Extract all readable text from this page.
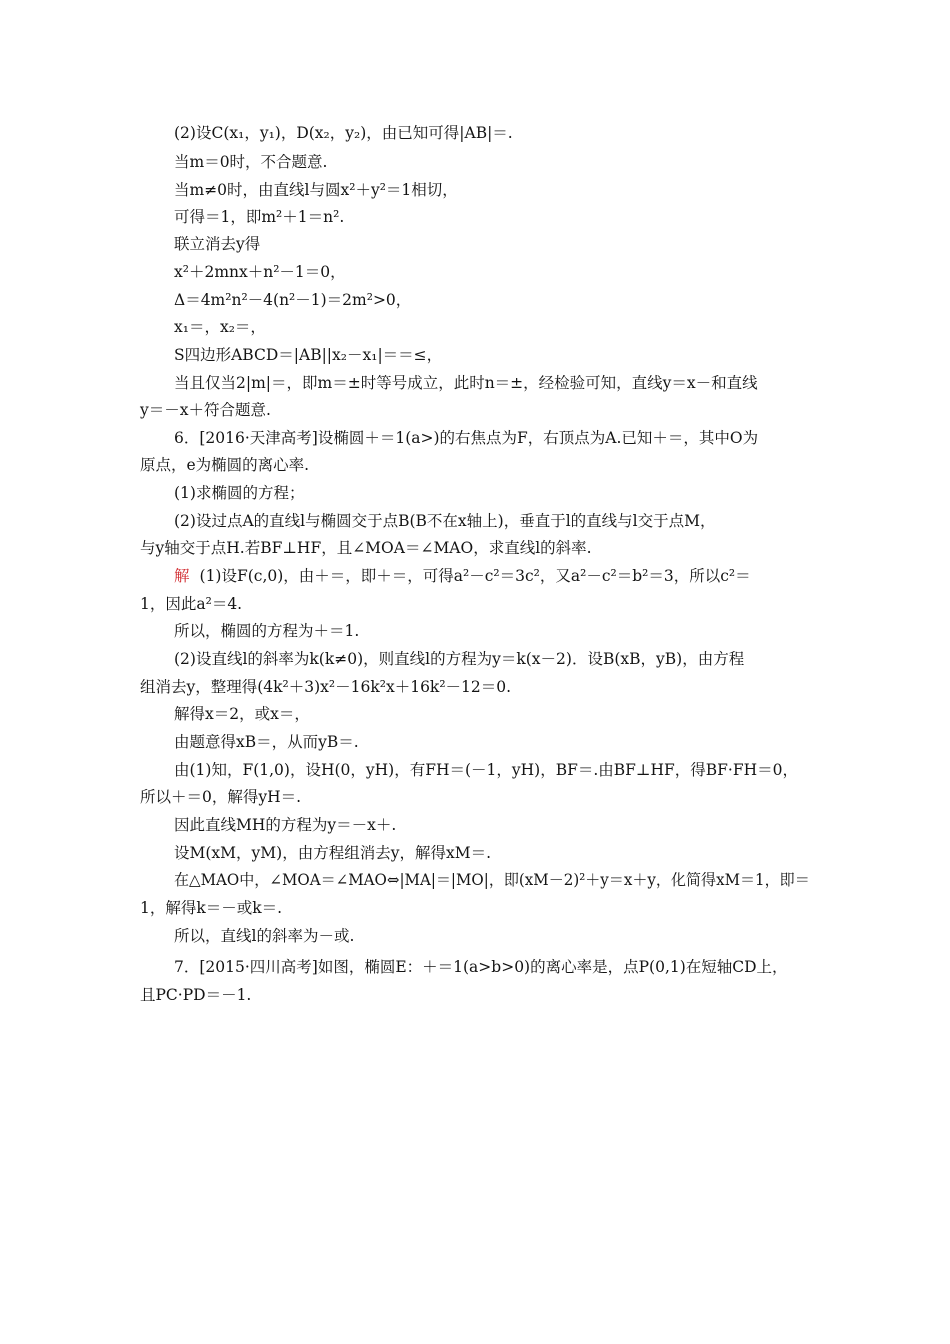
(2)设C(x₁，y₁)，D(x₂，y₂)，由已知可得|AB|＝.
当m＝0时，不合题意.
当m≠0时，由直线l与圆x²＋y²＝1相切，
可得＝1，即m²＋1＝n².
联立消去y得
x²＋2mnx＋n²－1＝0，
Δ＝4m²n²－4(n²－1)＝2m²>0，
x₁＝，x₂＝，
S四边形ABCD＝|AB||x₂－x₁|＝＝≤，
当且仅当2|m|＝，即m＝±时等号成立，此时n＝±，经检验可知，直线y＝x－和直线
y＝－x＋符合题意.
6．[2016·天津高考]设椭圆＋＝1(a>)的右焦点为F，右顶点为A.已知＋＝，其中O为
原点，e为椭圆的离心率.
(1)求椭圆的方程；
(2)设过点A的直线l与椭圆交于点B(B不在x轴上)，垂直于l的直线与l交于点M，
与y轴交于点H.若BF⊥HF，且∠MOA＝∠MAO，求直线l的斜率.
解 (1)设F(c,0)，由＋＝，即＋＝，可得a²－c²＝3c²，又a²－c²＝b²＝3，所以c²＝
1，因此a²＝4.
所以，椭圆的方程为＋＝1.
(2)设直线l的斜率为k(k≠0)，则直线l的方程为y＝k(x－2)．设B(xB，yB)，由方程
组消去y，整理得(4k²＋3)x²－16k²x＋16k²－12＝0.
解得x＝2，或x＝，
由题意得xB＝，从而yB＝.
由(1)知，F(1,0)，设H(0，yH)，有FH＝(－1，yH)，BF＝.由BF⊥HF，得BF·FH＝0，
所以＋＝0，解得yH＝.
因此直线MH的方程为y＝－x＋.
设M(xM，yM)，由方程组消去y，解得xM＝.
在△MAO中，∠MOA＝∠MAO⇔|MA|＝|MO|，即(xM－2)²＋y＝x＋y，化简得xM＝1，即＝
1，解得k＝－或k＝.
所以，直线l的斜率为－或.
7．[2015·四川高考]如图，椭圆E：＋＝1(a>b>0)的离心率是，点P(0,1)在短轴CD上，
且PC·PD＝－1.
